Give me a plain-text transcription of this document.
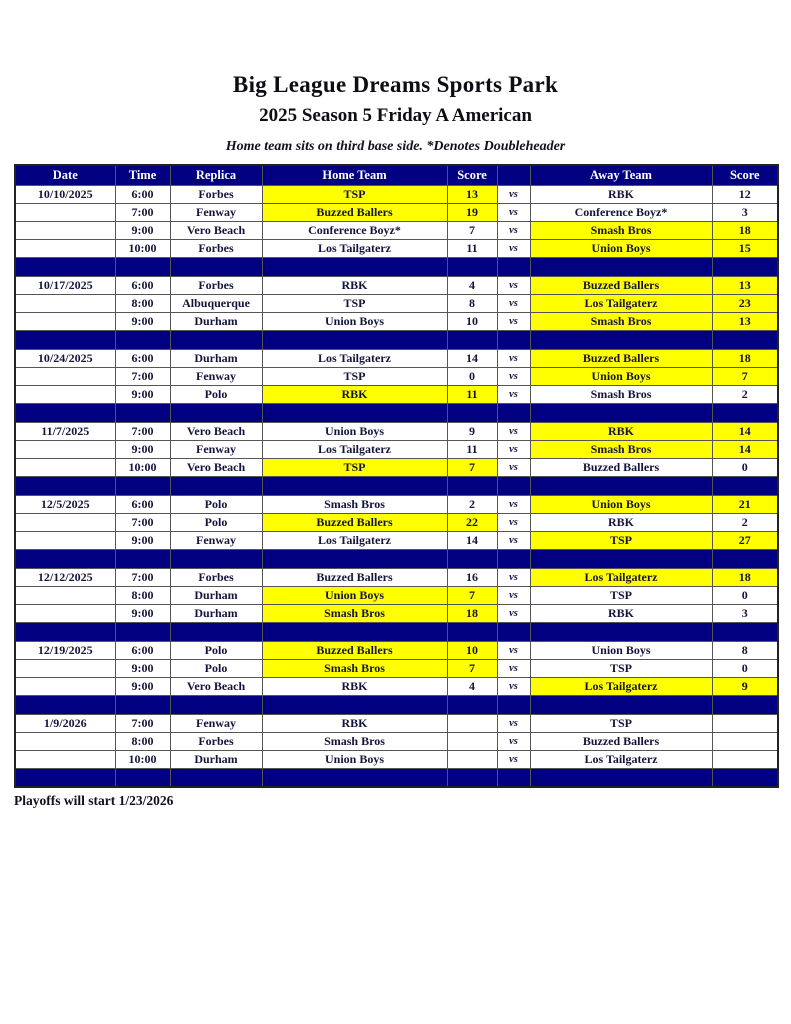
Big League Dreams Sports Park
2025 Season 5 Friday A American
Home team sits on third base side. *Denotes Doubleheader
Date	Time	Replica	Home Team	Score		Away Team	Score
10/10/2025	6:00	Forbes	TSP	13	vs	RBK	12
	7:00	Fenway	Buzzed Ballers	19	vs	Conference Boyz*	3
	9:00	Vero Beach	Conference Boyz*	7	vs	Smash Bros	18
	10:00	Forbes	Los Tailgaterz	11	vs	Union Boys	15

10/17/2025	6:00	Forbes	RBK	4	vs	Buzzed Ballers	13
	8:00	Albuquerque	TSP	8	vs	Los Tailgaterz	23
	9:00	Durham	Union Boys	10	vs	Smash Bros	13

10/24/2025	6:00	Durham	Los Tailgaterz	14	vs	Buzzed Ballers	18
	7:00	Fenway	TSP	0	vs	Union Boys	7
	9:00	Polo	RBK	11	vs	Smash Bros	2

11/7/2025	7:00	Vero Beach	Union Boys	9	vs	RBK	14
	9:00	Fenway	Los Tailgaterz	11	vs	Smash Bros	14
	10:00	Vero Beach	TSP	7	vs	Buzzed Ballers	0

12/5/2025	6:00	Polo	Smash Bros	2	vs	Union Boys	21
	7:00	Polo	Buzzed Ballers	22	vs	RBK	2
	9:00	Fenway	Los Tailgaterz	14	vs	TSP	27

12/12/2025	7:00	Forbes	Buzzed Ballers	16	vs	Los Tailgaterz	18
	8:00	Durham	Union Boys	7	vs	TSP	0
	9:00	Durham	Smash Bros	18	vs	RBK	3

12/19/2025	6:00	Polo	Buzzed Ballers	10	vs	Union Boys	8
	9:00	Polo	Smash Bros	7	vs	TSP	0
	9:00	Vero Beach	RBK	4	vs	Los Tailgaterz	9

1/9/2026	7:00	Fenway	RBK		vs	TSP	
	8:00	Forbes	Smash Bros		vs	Buzzed Ballers	
	10:00	Durham	Union Boys		vs	Los Tailgaterz	

Playoffs will start 1/23/2026
